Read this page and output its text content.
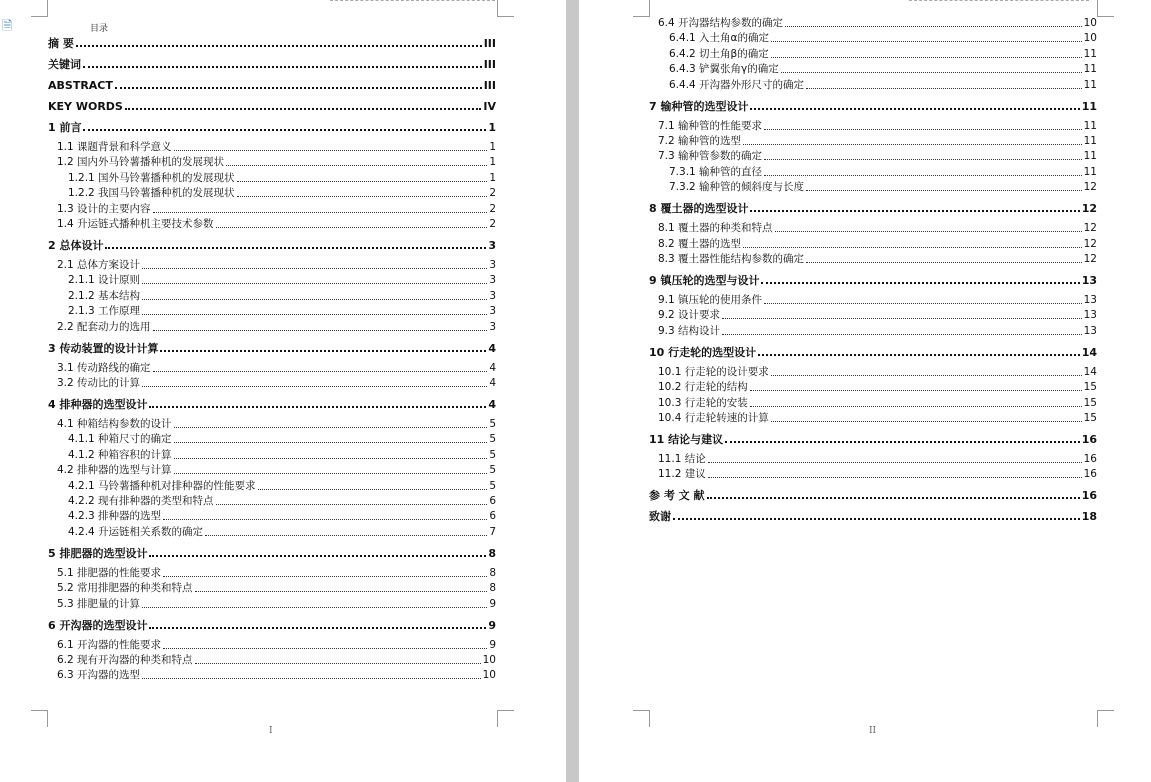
🗎	目录
摘 要	III
关键词	III
ABSTRACT	III
KEY WORDS	IV
1 前言	1
1.1 课题背景和科学意义	1
1.2 国内外马铃薯播种机的发展现状	1
1.2.1 国外马铃薯播种机的发展现状	1
1.2.2 我国马铃薯播种机的发展现状	2
1.3 设计的主要内容	2
1.4 升运链式播种机主要技术参数	2
2 总体设计	3
2.1 总体方案设计	3
2.1.1 设计原则	3
2.1.2 基本结构	3
2.1.3 工作原理	3
2.2 配套动力的选用	3
3 传动装置的设计计算	4
3.1 传动路线的确定	4
3.2 传动比的计算	4
4 排种器的选型设计	4
4.1 种箱结构参数的设计	5
4.1.1 种箱尺寸的确定	5
4.1.2 种箱容积的计算	5
4.2 排种器的选型与计算	5
4.2.1 马铃薯播种机对排种器的性能要求	5
4.2.2 现有排种器的类型和特点	6
4.2.3 排种器的选型	6
4.2.4 升运链相关系数的确定	7
5 排肥器的选型设计	8
5.1 排肥器的性能要求	8
5.2 常用排肥器的种类和特点	8
5.3 排肥量的计算	9
6 开沟器的选型设计	9
6.1 开沟器的性能要求	9
6.2 现有开沟器的种类和特点	10
6.3 开沟器的选型	10
I
6.4 开沟器结构参数的确定	10
6.4.1 入土角α的确定	10
6.4.2 切土角β的确定	11
6.4.3 铲翼张角γ的确定	11
6.4.4 开沟器外形尺寸的确定	11
7 输种管的选型设计	11
7.1 输种管的性能要求	11
7.2 输种管的选型	11
7.3 输种管参数的确定	11
7.3.1 输种管的直径	11
7.3.2 输种管的倾斜度与长度	12
8 覆土器的选型设计	12
8.1 覆土器的种类和特点	12
8.2 覆土器的选型	12
8.3 覆土器性能结构参数的确定	12
9 镇压轮的选型与设计	13
9.1 镇压轮的使用条件	13
9.2 设计要求	13
9.3 结构设计	13
10 行走轮的选型设计	14
10.1 行走轮的设计要求	14
10.2 行走轮的结构	15
10.3 行走轮的安装	15
10.4 行走轮转速的计算	15
11 结论与建议	16
11.1 结论	16
11.2 建议	16
参 考 文 献	16
致谢	18
II
